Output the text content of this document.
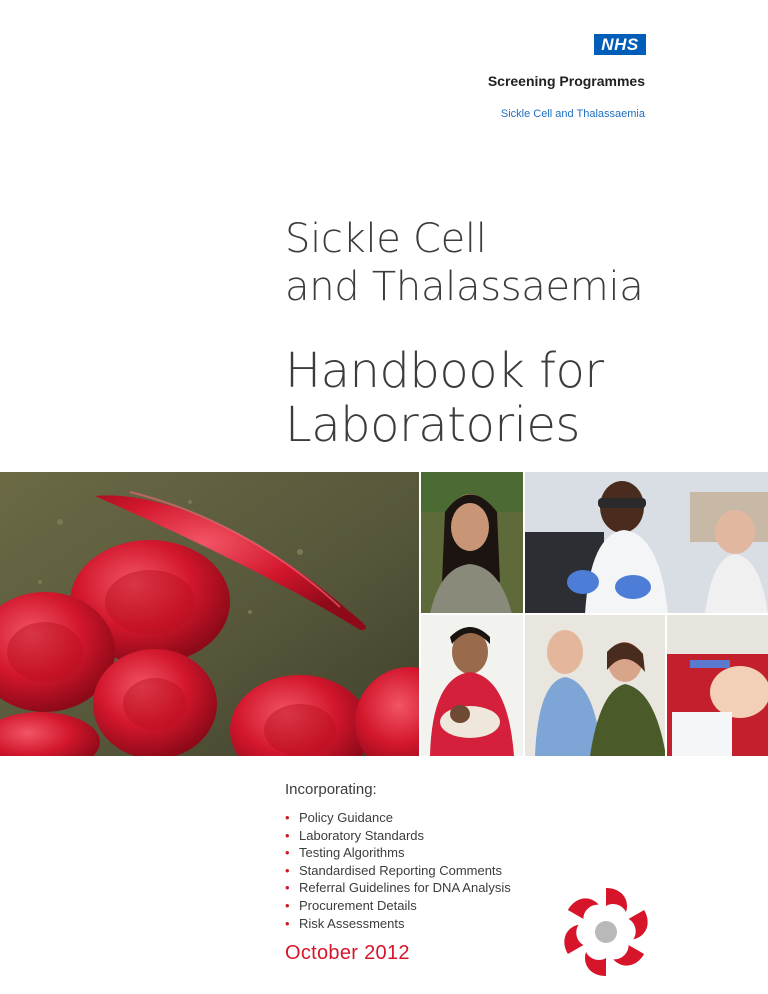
NHS
Screening Programmes
Sickle Cell and Thalassaemia
Sickle Cell
and Thalassaemia
Handbook for
Laboratories
Incorporating:
• Policy Guidance
• Laboratory Standards
• Testing Algorithms
• Standardised Reporting Comments
• Referral Guidelines for DNA Analysis
• Procurement Details
• Risk Assessments
October 2012
